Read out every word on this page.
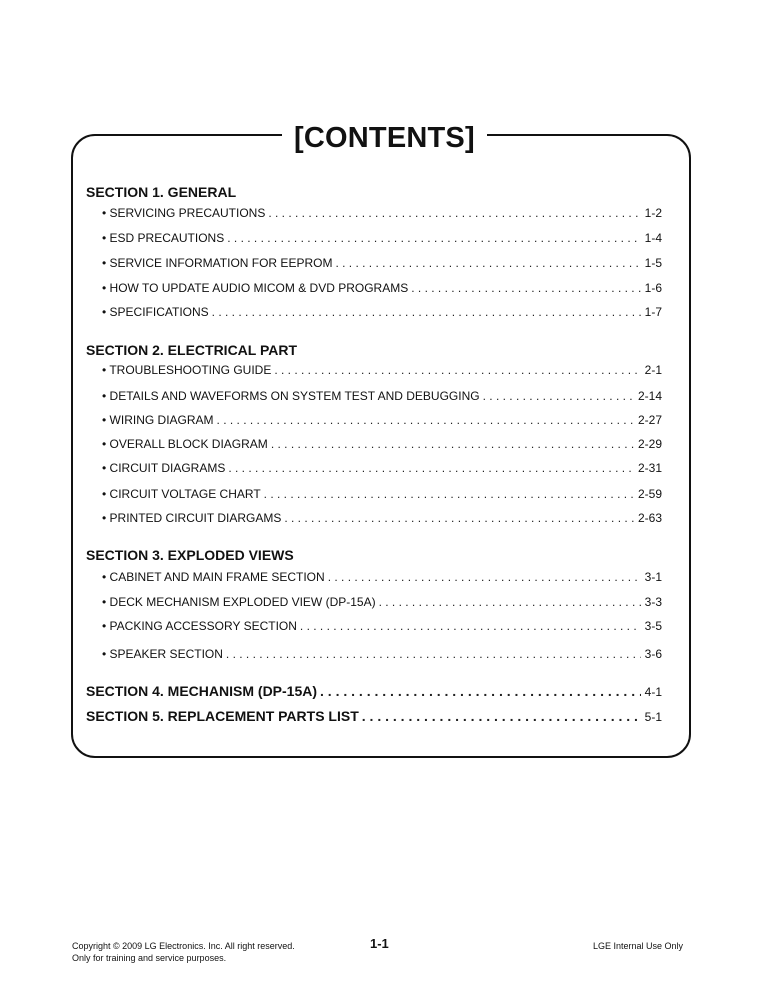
[CONTENTS]
SECTION 1. GENERAL
• SERVICING PRECAUTIONS . . .	1-2
• ESD PRECAUTIONS . . .	1-4
• SERVICE INFORMATION FOR EEPROM . . .	1-5
• HOW TO UPDATE AUDIO MICOM & DVD PROGRAMS . . .	1-6
• SPECIFICATIONS . . .	1-7
SECTION 2. ELECTRICAL PART
• TROUBLESHOOTING GUIDE . . .	2-1
• DETAILS AND WAVEFORMS ON SYSTEM TEST AND DEBUGGING . . .	2-14
• WIRING DIAGRAM . . .	2-27
• OVERALL BLOCK DIAGRAM . . .	2-29
• CIRCUIT DIAGRAMS . . .	2-31
• CIRCUIT VOLTAGE CHART . . .	2-59
• PRINTED CIRCUIT DIARGAMS . . .	2-63
SECTION 3. EXPLODED VIEWS
• CABINET AND MAIN FRAME SECTION . . .	3-1
• DECK MECHANISM EXPLODED VIEW (DP-15A) . . .	3-3
• PACKING ACCESSORY SECTION . . .	3-5
• SPEAKER SECTION . . .	3-6
SECTION 4. MECHANISM (DP-15A) . . .	4-1
SECTION 5. REPLACEMENT PARTS LIST . . .	5-1
Copyright © 2009 LG Electronics. Inc. All right reserved.
Only for training and service purposes.
1-1	LGE Internal Use Only
